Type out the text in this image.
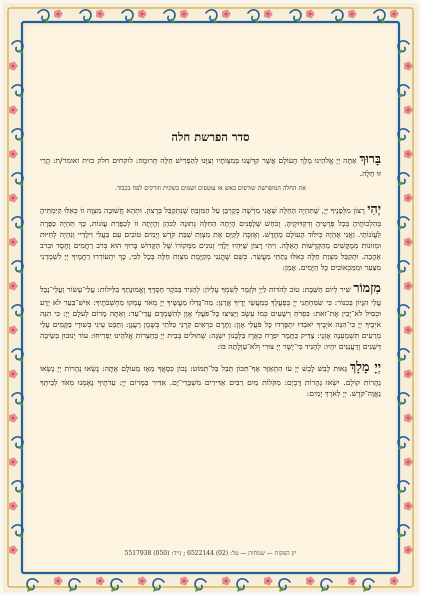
סדר הפרשת חלה

בָּרוּךְ אַתָּה יְיָ אֱלֹהֵינוּ מֶלֶךְ הָעוֹלָם אֲשֶׁר קִדְּשָׁנוּ בְּמִצְוֹתָיו וְצִוָּנוּ לְהַפְרִישׁ חַלָּה תְּרוּמָה: לוקחים חלק כזית ואומר/ת: הֲרֵי זוּ חַלָּה.

את החלה המופרשת שורפים באש או עוטפים ושמים בשקית וזורקים לפח בכבוד.

יְהִי רָצוֹן מִלְּפָנֶיךָ יְיָ, שֶׁתִּהְיֶה הַחַלָּה שֶׁאֲנִי מַרְשָׁה כְּקָרְבָּן עַל הַמִּזְבֵּחַ שֶׁנִּתְקַבֵּל בְּרָצוֹן. וּתְהֵא חֲשׁוּבָה מִצְוָה זוֹ כְּאִלּוּ קִיַּמְתִּיהָ בְּהִלְכוֹתֶיהָ בְּכָל פְּרָטֶיהָ וְדִקְדּוּקֶיהָ. וְכֹחַשׁ שֶׁלָּפְנִים הָיְתָה הַחַלָּה נְתוּנָה לַכֹּהֵן וְהָיְתָה זוֹ לְכַפָּרַת עֲוֹנוֹת, כָּךְ תִּהְיֶה כַּפָּרָה לַעֲוֹנוֹתַי. וַאֲנִי אֶהְיֶה כְּיִלּוֹד הָעוֹלָם מֵחָדָשׁ. וְאֶזְכֶּה לְקַיֵּם אֶת מִצְוַת שַׁבַּת קֹדֶשׁ וְיָמִים טוֹבִים עִם בַּעֲלִי וִילָדַיי וְנִהְיֶה לְחַיּוּת וּמְזוֹנוֹת מְמֻקָּשִׁים מֵהַקְּדֻשּׁוֹת הָאֵלֶּה. וִיהִי רָצוֹן שֶׁיִּהְיוּ יְלָדַי זְנוּנִים מִמְּקוֹרוֹ שֶׁל הַקָּדוֹשׁ בָּרוּךְ הוּא בְּרֹב רַחֲמִים וָחֶסֶד וּבְרֹב אַהֲבָה. וּתְקַבֵּל מִצְוַת חַלָּה כְּאִלּוּ נָתַתִּי מַעֲשֵׂר. כְּשֵׁם שֶׁהֲנֵנִי מְקַיֶּמֶת מִצְוַת חַלָּה בְּכָל לִבִּי, כָּךְ יִתְעוֹרְרוּ רַחֲמֶיךָ יְיָ לִשְׁמָרֵנִי מִצַּעַר וּמִמַּכְאוֹבִים כָּל הַיָּמִים. אָמֵן:

מִזְמוֹר שִׁיר לְיוֹם הַשַּׁבָּת: טוֹב לְהֹדוֹת לַיְיָ וּלְזַמֵּר לְשִׁמְךָ עֶלְיוֹן: לְהַגִּיד בַּבֹּקֶר חַסְדֶּךָ וֶאֱמוּנָתְךָ בַּלֵּילוֹת: עֲלֵי־עָשׂוֹר וַעֲלֵי־נָבֶל עֲלֵי הִגָּיוֹן בְּכִנּוֹר: כִּי שִׂמַּחְתַּנִי יְיָ בְּפָעֳלֶךָ בְּמַעֲשֵׂי יָדֶיךָ אֲרַנֵּן: מַה־גָּדְלוּ מַעֲשֶׂיךָ יְיָ מְאֹד עָמְקוּ מַחְשְׁבֹתֶיךָ: אִישׁ־בַּעַר לֹא יֵדָע וּכְסִיל לֹא־יָבִין אֶת־זֹאת: בִּפְרֹחַ רְשָׁעִים כְּמוֹ עֵשֶׂב וַיָּצִיצוּ כָּל־פֹּעֲלֵי אָוֶן לְהִשָּׁמְדָם עֲדֵי־עַד: וְאַתָּה מָרוֹם לְעֹלָם יְיָ: כִּי הִנֵּה אֹיְבֶיךָ יְיָ כִּי־הִנֵּה אֹיְבֶיךָ יֹאבֵדוּ יִתְפָּרְדוּ כָּל פֹּעֲלֵי אָוֶן: וַתָּרֶם כִּרְאֵים קַרְנִי בַּלֹּתִי בְּשֶׁמֶן רַעֲנָן: וַתַּבֵּט עֵינִי בְּשׁוּרָי בַּקָּמִים עָלַי מְרֵעִים תִּשְׁמַעְנָה אָזְנָי: צַדִּיק כַּתָּמָר יִפְרָח כְּאֶרֶז בַּלְּבָנוֹן יִשְׂגֶּה: שְׁתוּלִים בְּבֵית יְיָ בְּחַצְרוֹת אֱלֹהֵינוּ יַפְרִיחוּ: עוֹד יְנוּבוּן בְּשֵׂיבָה דְּשֵׁנִים וְרַעֲנַנִּים יִהְיוּ: לְהַגִּיד כִּי־יָשָׁר יְיָ צוּרִי וְלֹא־עַוְלָתָה בּוֹ:

יְיָ מָלָךְ גֵּאוּת לָבֵשׁ לָבֵשׁ יְיָ עֹז הִתְאַזָּר אַף־תִּכּוֹן תֵּבֵל בַּל־תִּמּוֹט: נָכוֹן כִּסְאֲךָ מֵאָז מֵעוֹלָם אָתָּה: נָשְׂאוּ נְהָרוֹת יְיָ נָשְׂאוּ נְהָרוֹת קוֹלָם. יִשְׂאוּ נְהָרוֹת דָּכְיָם: מִקֹּלוֹת מַיִם רַבִּים אַדִּירִים מִשְׁבְּרֵי־יָם. אַדִּיר בַּמָּרוֹם יְיָ: עֵדֹתֶיךָ נֶאֶמְנוּ מְאֹד לְבֵיתְךָ נַאֲוָה־קֹּדֶשׁ. יְיָ לְאֹרֶךְ יָמִים:

יזן הפקות — שמחות — טל: (02) 6522144 ; נייד: (050) 5517938
